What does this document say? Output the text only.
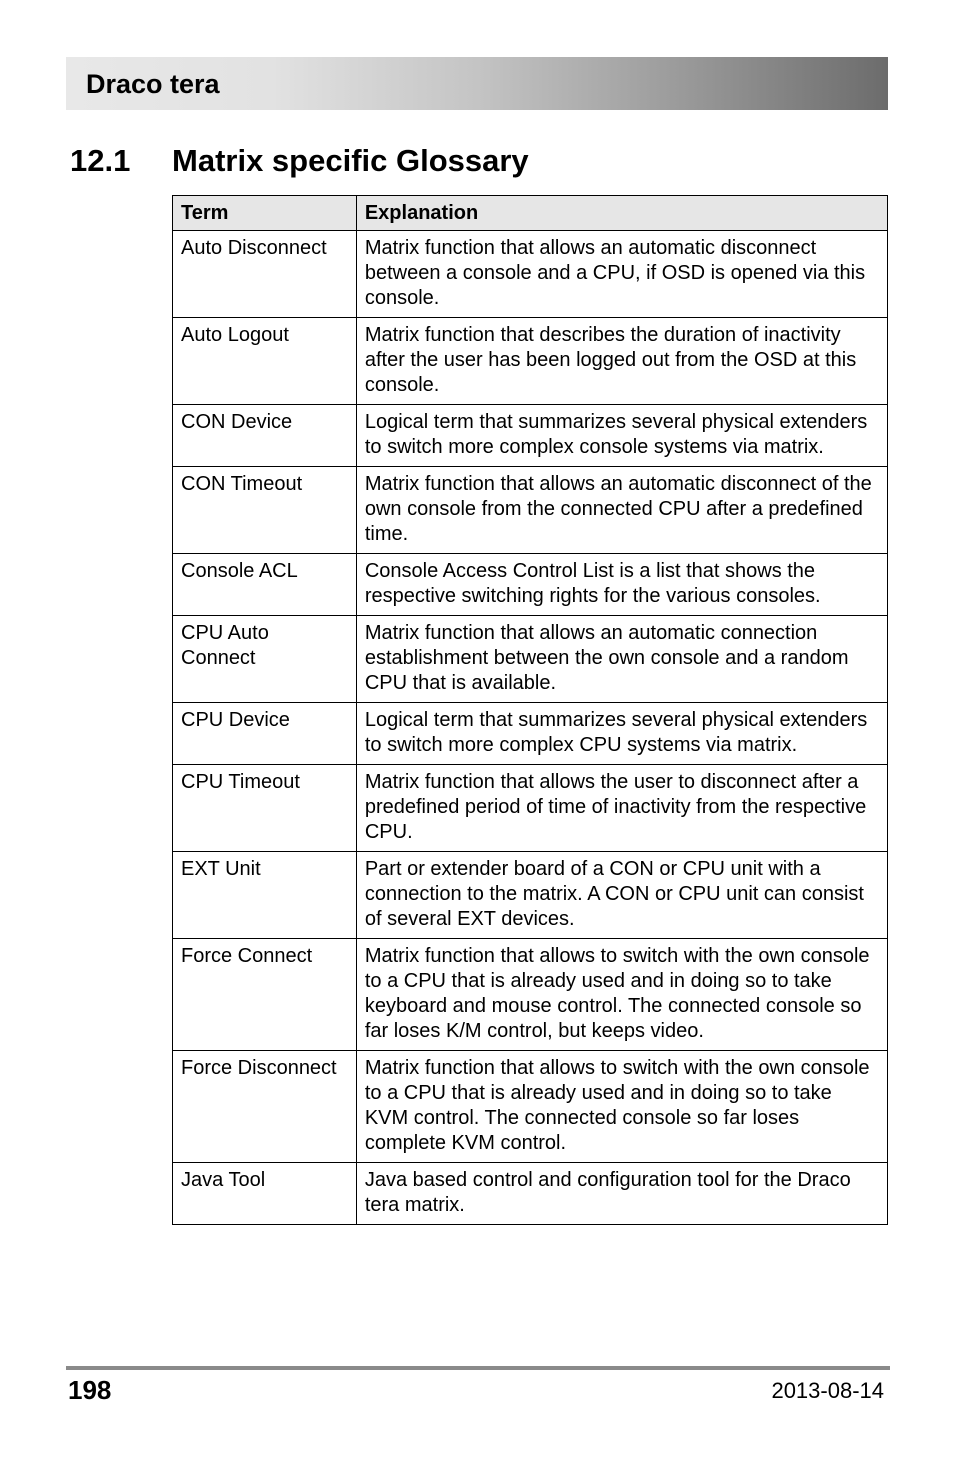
Draco tera
12.1 Matrix specific Glossary
Term	Explanation
Auto Disconnect	Matrix function that allows an automatic disconnect between a console and a CPU, if OSD is opened via this console.
Auto Logout	Matrix function that describes the duration of inactivity after the user has been logged out from the OSD at this console.
CON Device	Logical term that summarizes several physical extenders to switch more complex console systems via matrix.
CON Timeout	Matrix function that allows an automatic disconnect of the own console from the connected CPU after a predefined time.
Console ACL	Console Access Control List is a list that shows the respective switching rights for the various consoles.
CPU Auto Connect	Matrix function that allows an automatic connection establishment between the own console and a random CPU that is available.
CPU Device	Logical term that summarizes several physical extenders to switch more complex CPU systems via matrix.
CPU Timeout	Matrix function that allows the user to disconnect after a predefined period of time of inactivity from the respective CPU.
EXT Unit	Part or extender board of a CON or CPU unit with a connection to the matrix. A CON or CPU unit can consist of several EXT devices.
Force Connect	Matrix function that allows to switch with the own console to a CPU that is already used and in doing so to take keyboard and mouse control. The connected console so far loses K/M control, but keeps video.
Force Disconnect	Matrix function that allows to switch with the own console to a CPU that is already used and in doing so to take KVM control. The connected console so far loses complete KVM control.
Java Tool	Java based control and configuration tool for the Draco tera matrix.
198	2013-08-14
